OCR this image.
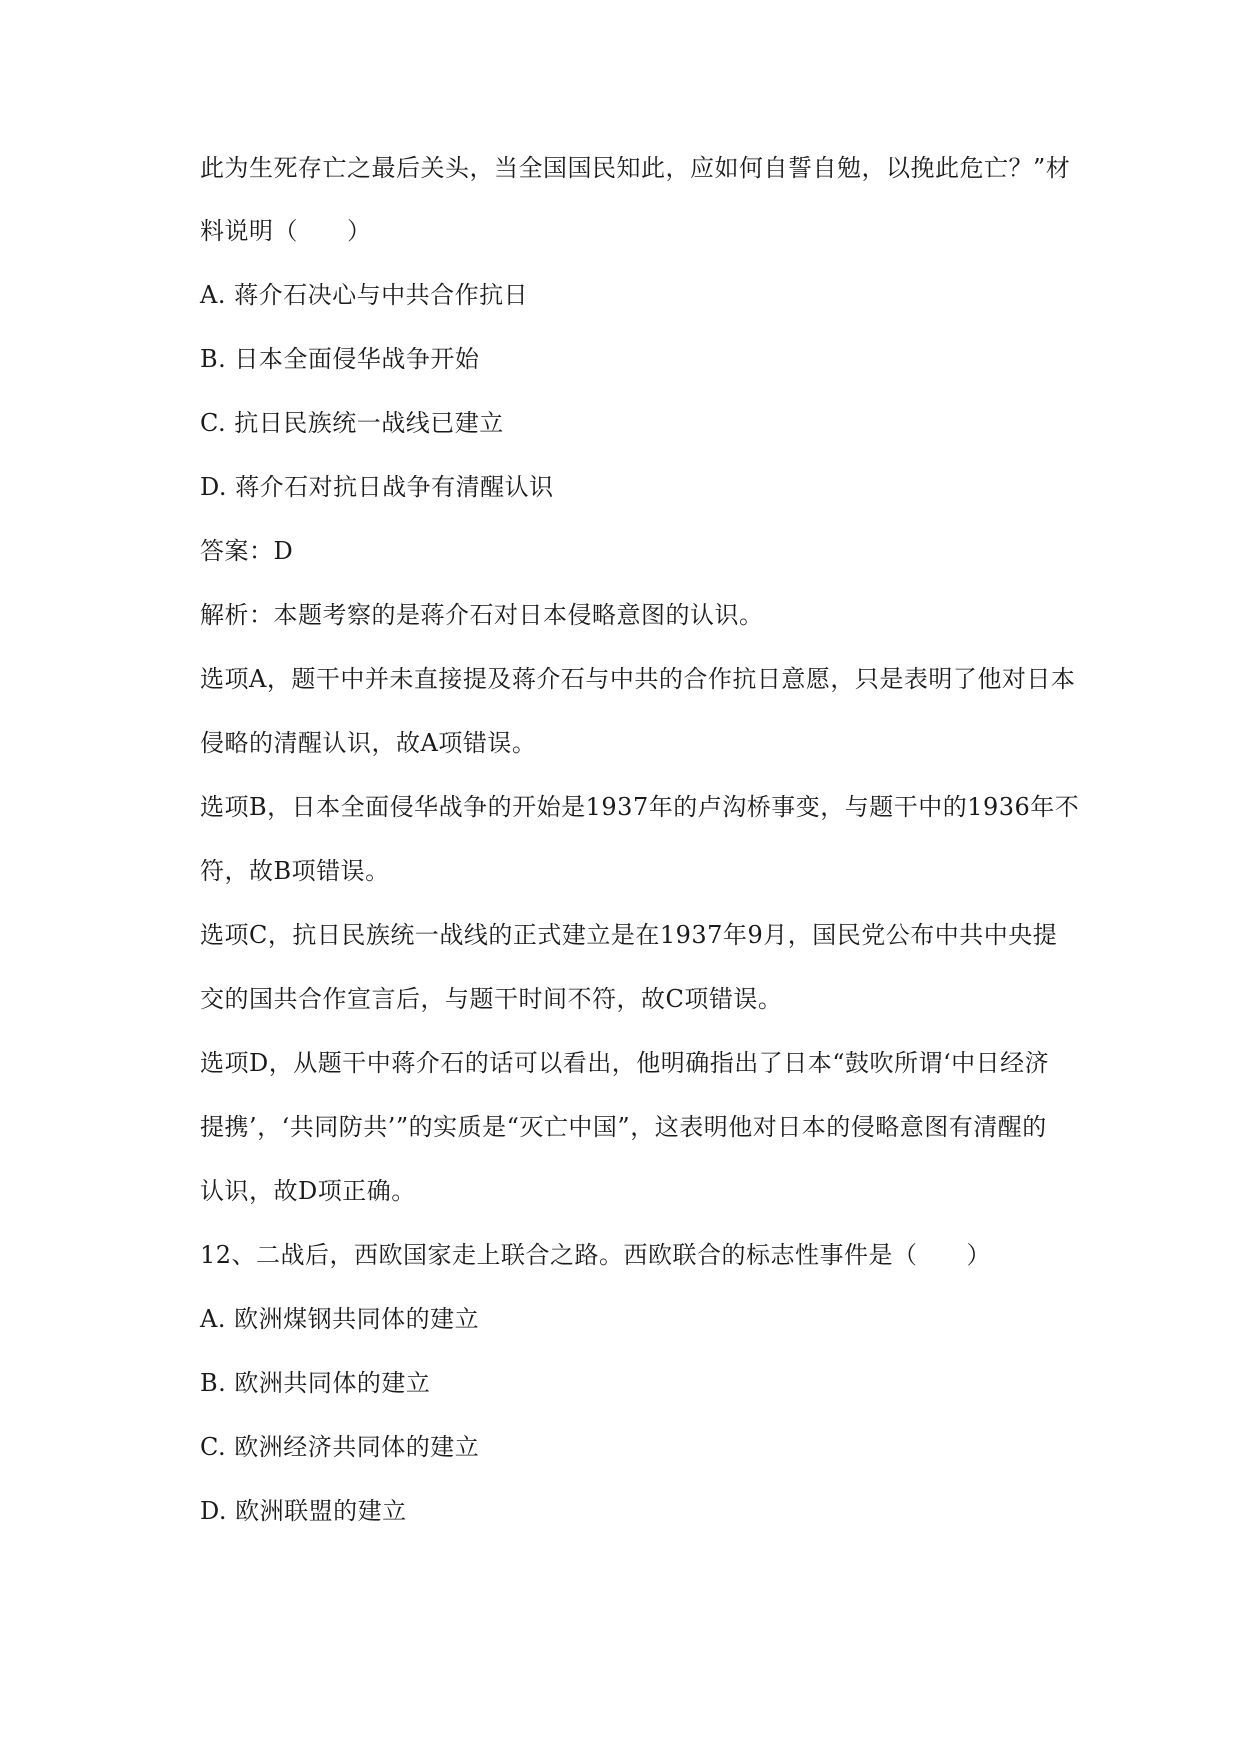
此为生死存亡之最后关头，当全国国民知此，应如何自誓自勉，以挽此危亡？”材
料说明（　　）
A. 蒋介石决心与中共合作抗日
B. 日本全面侵华战争开始
C. 抗日民族统一战线已建立
D. 蒋介石对抗日战争有清醒认识
答案：D
解析：本题考察的是蒋介石对日本侵略意图的认识。
选项A，题干中并未直接提及蒋介石与中共的合作抗日意愿，只是表明了他对日本
侵略的清醒认识，故A项错误。
选项B，日本全面侵华战争的开始是1937年的卢沟桥事变，与题干中的1936年不
符，故B项错误。
选项C，抗日民族统一战线的正式建立是在1937年9月，国民党公布中共中央提
交的国共合作宣言后，与题干时间不符，故C项错误。
选项D，从题干中蒋介石的话可以看出，他明确指出了日本“鼓吹所谓‘中日经济
提携’，‘共同防共’”的实质是“灭亡中国”，这表明他对日本的侵略意图有清醒的
认识，故D项正确。
12、二战后，西欧国家走上联合之路。西欧联合的标志性事件是（　　）
A. 欧洲煤钢共同体的建立
B. 欧洲共同体的建立
C. 欧洲经济共同体的建立
D. 欧洲联盟的建立
